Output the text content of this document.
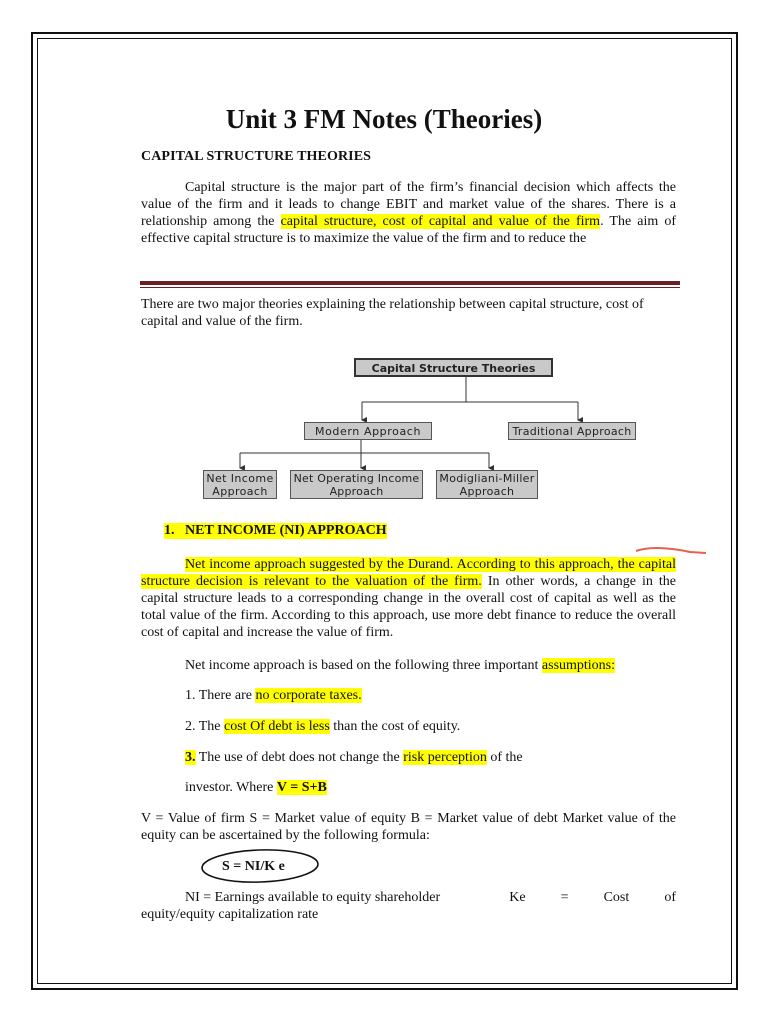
Unit 3 FM Notes (Theories)
CAPITAL STRUCTURE THEORIES
Capital structure is the major part of the firm’s financial decision which affects the value of the firm and it leads to change EBIT and market value of the shares. There is a relationship among the capital structure, cost of capital and value of the firm. The aim of effective capital structure is to maximize the value of the firm and to reduce the
There are two major theories explaining the relationship between capital structure, cost of capital and value of the firm.
Capital Structure Theories
Modern Approach	Traditional Approach
Net Income
Approach
Net Operating Income
Approach
Modigliani-Miller
Approach
1. NET INCOME (NI) APPROACH
Net income approach suggested by the Durand. According to this approach, the capital structure decision is relevant to the valuation of the firm. In other words, a change in the capital structure leads to a corresponding change in the overall cost of capital as well as the total value of the firm. According to this approach, use more debt finance to reduce the overall cost of capital and increase the value of firm.
Net income approach is based on the following three important assumptions:
1. There are no corporate taxes.
2. The cost Of debt is less than the cost of equity.
3. The use of debt does not change the risk perception of the
investor. Where V = S+B
V = Value of firm S = Market value of equity B = Market value of debt Market value of the equity can be ascertained by the following formula:
S = NI/K e
NI = Earnings available to equity shareholder	Ke	=	Cost	of
equity/equity capitalization rate
